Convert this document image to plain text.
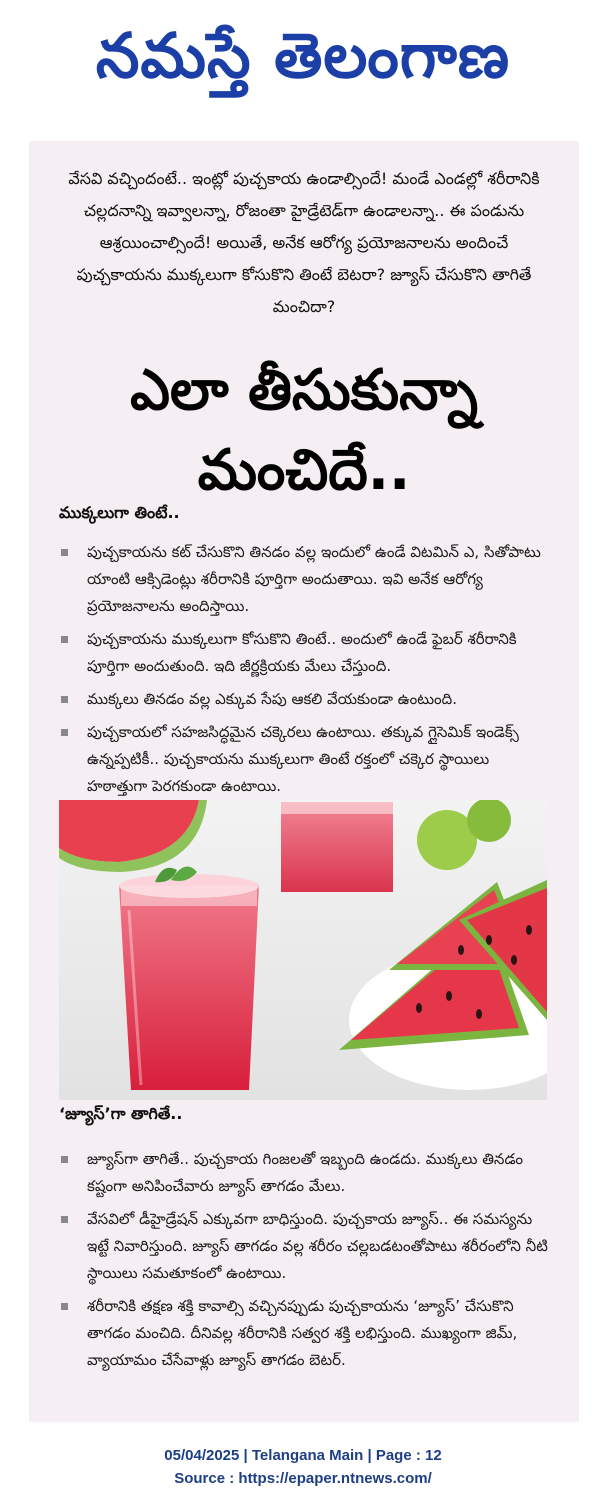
నమస్తే తెలంగాణ
వేసవి వచ్చిందంటే.. ఇంట్లో పుచ్చకాయ ఉండాల్సిందే! మండే ఎండల్లో శరీరానికి చల్లదనాన్ని ఇవ్వాలన్నా, రోజంతా హైడ్రేటెడ్‌గా ఉండాలన్నా.. ఈ పండును ఆశ్రయించాల్సిందే! అయితే, అనేక ఆరోగ్య ప్రయోజనాలను అందించే పుచ్చకాయను ముక్కలుగా కోసుకొని తింటే బెటరా? జ్యూస్‌ చేసుకొని తాగితే మంచిదా?
ఎలా తీసుకున్నా
మంచిదే..
ముక్కలుగా తింటే..
పుచ్చకాయను కట్‌ చేసుకొని తినడం వల్ల ఇందులో ఉండే విటమిన్‌ ఎ, సితోపాటు యాంటి ఆక్సిడెంట్లు శరీరానికి పూర్తిగా అందుతాయి. ఇవి అనేక ఆరోగ్య ప్రయోజనాలను అందిస్తాయి.
పుచ్చకాయను ముక్కలుగా కోసుకొని తింటే.. అందులో ఉండే ఫైబర్‌ శరీరానికి పూర్తిగా అందుతుంది. ఇది జీర్ణక్రియకు మేలు చేస్తుంది.
ముక్కలు తినడం వల్ల ఎక్కువ సేపు ఆకలి వేయకుండా ఉంటుంది.
పుచ్చకాయలో సహజసిద్ధమైన చక్కెరలు ఉంటాయి. తక్కువ గ్లైసెమిక్‌ ఇండెక్స్‌ ఉన్నప్పటికీ.. పుచ్చకాయను ముక్కలుగా తింటే రక్తంలో చక్కెర స్థాయిలు హఠాత్తుగా పెరగకుండా ఉంటాయి.
‘జ్యూస్‌’గా తాగితే..
జ్యూస్‌గా తాగితే.. పుచ్చకాయ గింజలతో ఇబ్బంది ఉండదు. ముక్కలు తినడం కష్టంగా అనిపించేవారు జ్యూస్‌ తాగడం మేలు.
వేసవిలో డీహైడ్రేషన్‌ ఎక్కువగా బాధిస్తుంది. పుచ్చకాయ జ్యూస్‌.. ఈ సమస్యను ఇట్టే నివారిస్తుంది. జ్యూస్‌ తాగడం వల్ల శరీరం చల్లబడటంతోపాటు శరీరంలోని నీటి స్థాయిలు సమతూకంలో ఉంటాయి.
శరీరానికి తక్షణ శక్తి కావాల్సి వచ్చినప్పుడు పుచ్చకాయను ‘జ్యూస్‌’ చేసుకొని తాగడం మంచిది. దీనివల్ల శరీరానికి సత్వర శక్తి లభిస్తుంది. ముఖ్యంగా జిమ్‌, వ్యాయామం చేసేవాళ్లు జ్యూస్‌ తాగడం బెటర్‌.
05/04/2025 | Telangana Main | Page : 12
Source : https://epaper.ntnews.com/
